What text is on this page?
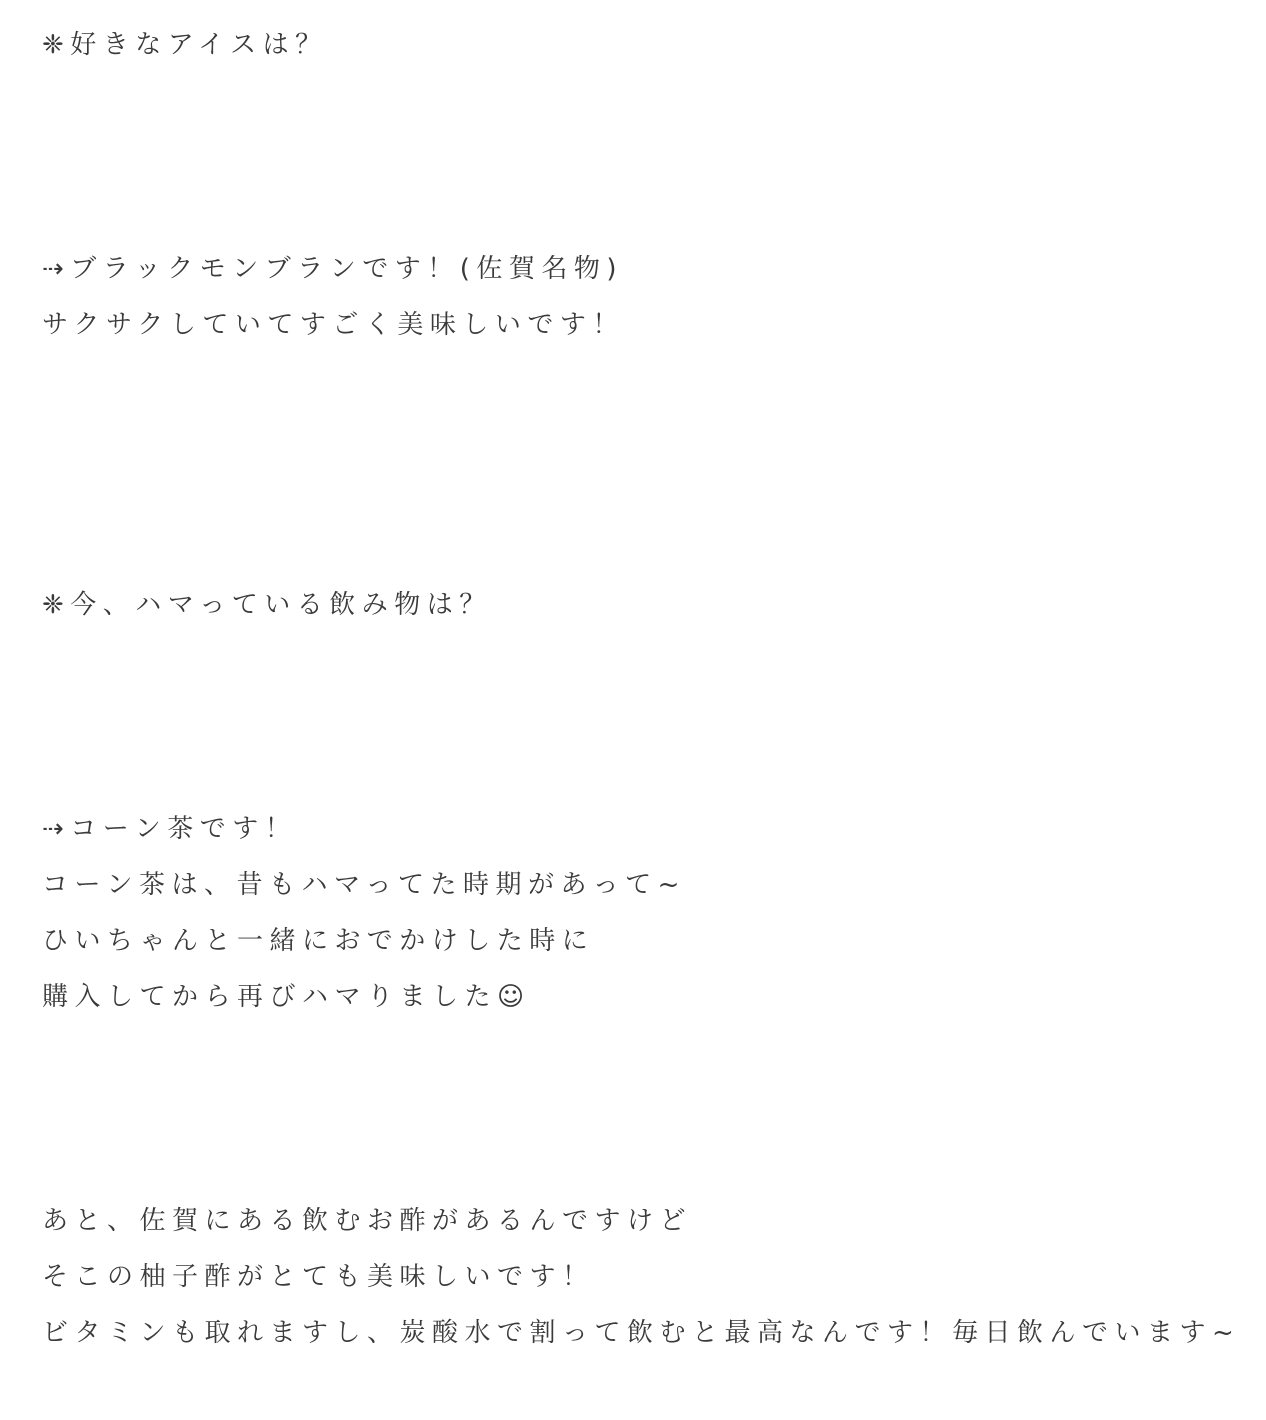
❈好きなアイスは？
⇢ブラックモンブランです！(佐賀名物)
サクサクしていてすごく美味しいです！
❈今、ハマっている飲み物は？
⇢コーン茶です！
コーン茶は、昔もハマってた時期があって~
ひいちゃんと一緒におでかけした時に
購入してから再びハマりました☺︎
あと、佐賀にある飲むお酢があるんですけど
そこの柚子酢がとても美味しいです！
ビタミンも取れますし、炭酸水で割って飲むと最高なんです！毎日飲んでいます~
